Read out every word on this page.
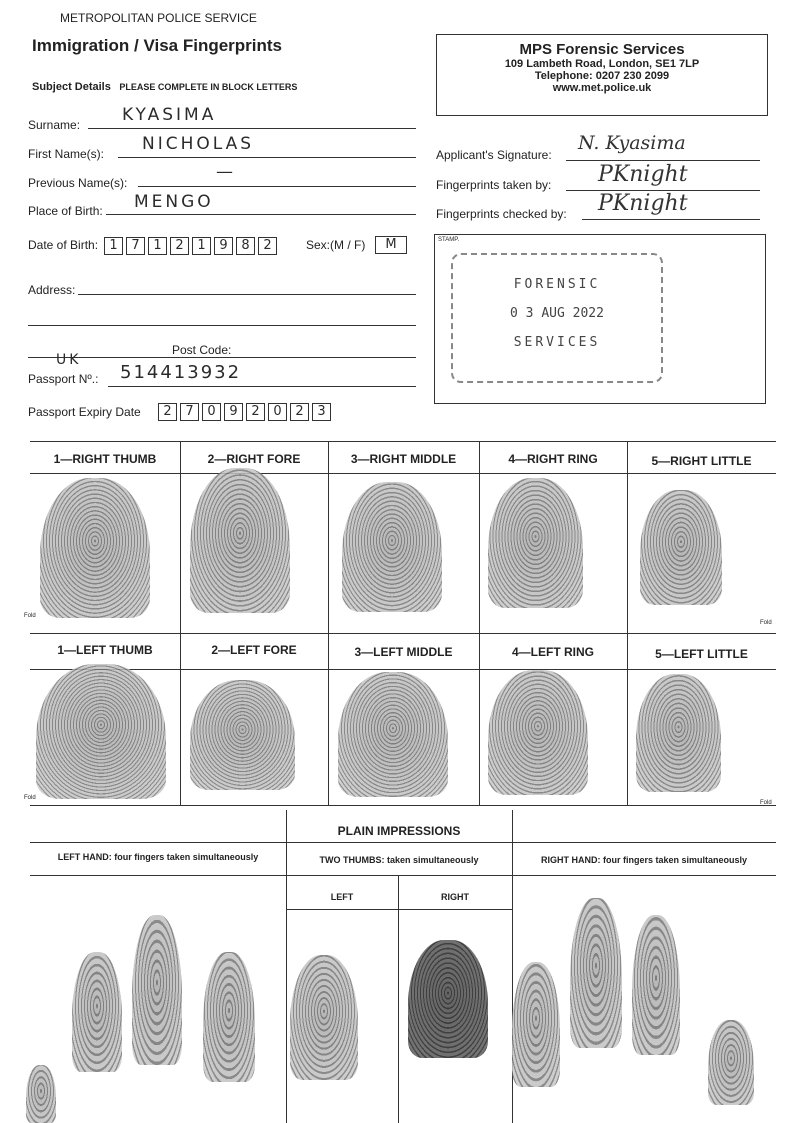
METROPOLITAN POLICE SERVICE
Immigration / Visa Fingerprints
Subject Details PLEASE COMPLETE IN BLOCK LETTERS
MPS Forensic Services
109 Lambeth Road, London, SE1 7LP
Telephone: 0207 230 2099
www.met.police.uk
Surname: KYASIMA
First Name(s): NICHOLAS
Previous Name(s):
—
Place of Birth: MENGO
Date of Birth: 1 7 1 2 1 9 8 2	Sex:(M / F)	M
Address:
Post Code:
UK
Passport Nº.: 514413932
Passport Expiry Date	2 7 0 9 2 0 2 3
Applicant's Signature:
N. Kyasima
Fingerprints taken by: PKnight
Fingerprints checked by: PKnight
STAMP.
FORENSIC
0 3 AUG 2022
SERVICES
1—RIGHT THUMB	2—RIGHT FORE	3—RIGHT MIDDLE	4—RIGHT RING	5—RIGHT LITTLE
Fold
Fold
1—LEFT THUMB	2—LEFT FORE	3—LEFT MIDDLE	4—LEFT RING	5—LEFT LITTLE
Fold
Fold
PLAIN IMPRESSIONS
LEFT HAND: four fingers taken simultaneously	TWO THUMBS: taken simultaneously	RIGHT HAND: four fingers taken simultaneously
LEFT	RIGHT
